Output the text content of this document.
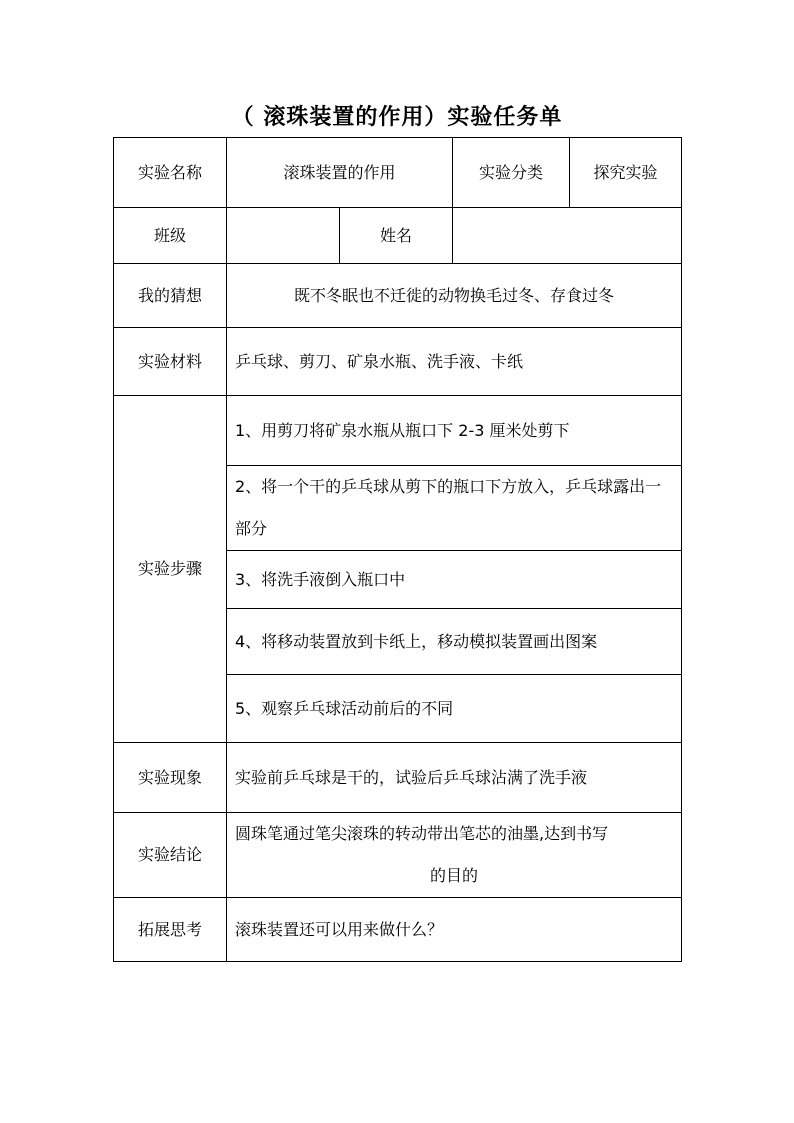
（ 滚珠装置的作用）实验任务单
实验名称	滚珠装置的作用		实验分类	探究实验
班级		姓名		
我的猜想	既不冬眠也不迁徙的动物换毛过冬、存食过冬			
实验材料	乒乓球、剪刀、矿泉水瓶、洗手液、卡纸			
实验步骤	1、用剪刀将矿泉水瓶从瓶口下 2-3 厘米处剪下			
	2、将一个干的乒乓球从剪下的瓶口下方放入，乒乓球露出一部分			
	3、将洗手液倒入瓶口中			
	4、将移动装置放到卡纸上，移动模拟装置画出图案			
	5、观察乒乓球活动前后的不同			
实验现象	实验前乒乓球是干的，试验后乒乓球沾满了洗手液			
实验结论	圆珠笔通过笔尖滚珠的转动带出笔芯的油墨,达到书写
的目的			

拓展思考	滚珠装置还可以用来做什么？			
